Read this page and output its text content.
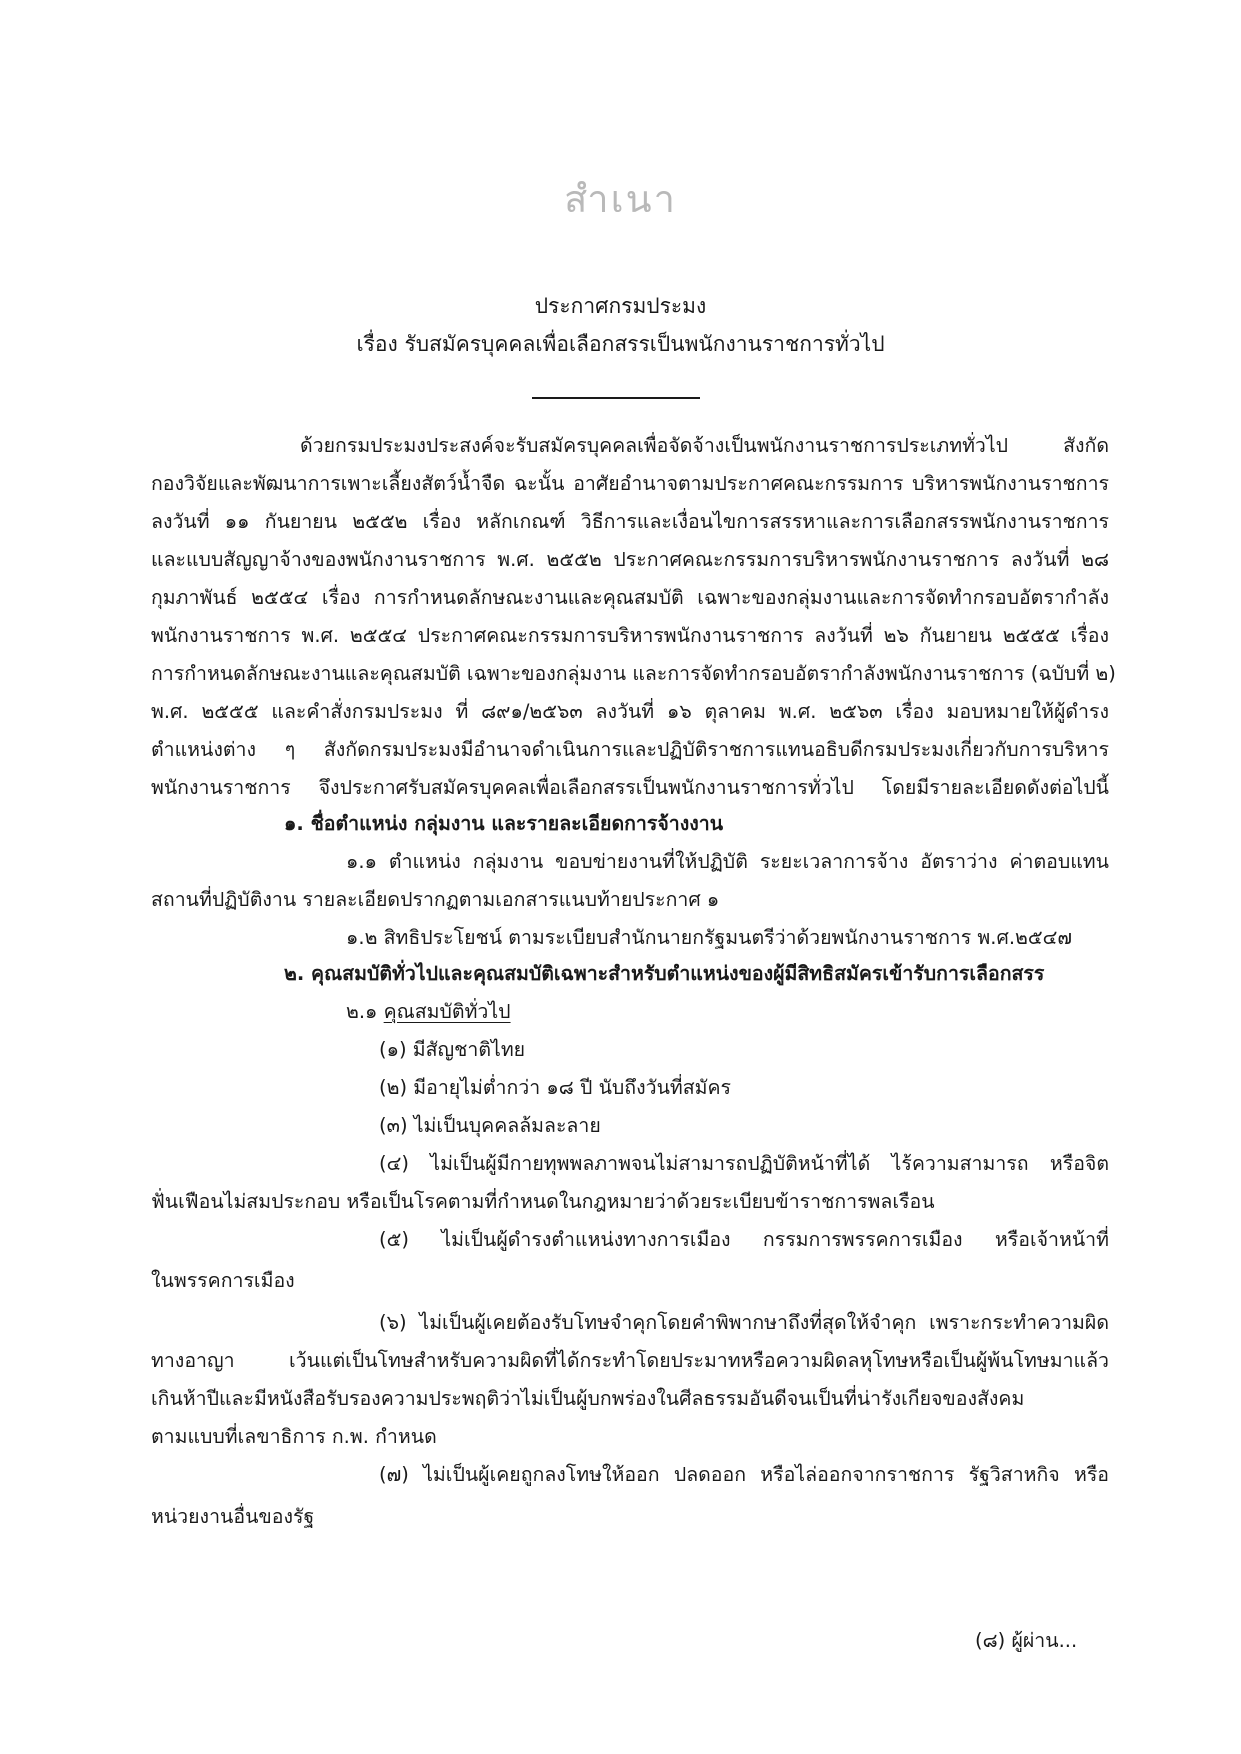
สำเนา
ประกาศกรมประมง
เรื่อง รับสมัครบุคคลเพื่อเลือกสรรเป็นพนักงานราชการทั่วไป
ด้วยกรมประมงประสงค์จะรับสมัครบุคคลเพื่อจัดจ้างเป็นพนักงานราชการประเภททั่วไป สังกัด
กองวิจัยและพัฒนาการเพาะเลี้ยงสัตว์น้ำจืด ฉะนั้น อาศัยอำนาจตามประกาศคณะกรรมการ บริหารพนักงานราชการ
ลงวันที่ ๑๑ กันยายน ๒๕๕๒ เรื่อง หลักเกณฑ์ วิธีการและเงื่อนไขการสรรหาและการเลือกสรรพนักงานราชการ
และแบบสัญญาจ้างของพนักงานราชการ พ.ศ. ๒๕๕๒ ประกาศคณะกรรมการบริหารพนักงานราชการ ลงวันที่ ๒๘
กุมภาพันธ์ ๒๕๕๔ เรื่อง การกำหนดลักษณะงานและคุณสมบัติ เฉพาะของกลุ่มงานและการจัดทำกรอบอัตรากำลัง
พนักงานราชการ พ.ศ. ๒๕๕๔ ประกาศคณะกรรมการบริหารพนักงานราชการ ลงวันที่ ๒๖ กันยายน ๒๕๕๕ เรื่อง
การกำหนดลักษณะงานและคุณสมบัติ เฉพาะของกลุ่มงาน และการจัดทำกรอบอัตรากำลังพนักงานราชการ (ฉบับที่ ๒)
พ.ศ. ๒๕๕๕ และคำสั่งกรมประมง ที่ ๘๙๑/๒๕๖๓ ลงวันที่ ๑๖ ตุลาคม พ.ศ. ๒๕๖๓ เรื่อง มอบหมายให้ผู้ดำรง
ตำแหน่งต่าง ๆ สังกัดกรมประมงมีอำนาจดำเนินการและปฏิบัติราชการแทนอธิบดีกรมประมงเกี่ยวกับการบริหาร
พนักงานราชการ จึงประกาศรับสมัครบุคคลเพื่อเลือกสรรเป็นพนักงานราชการทั่วไป โดยมีรายละเอียดดังต่อไปนี้
๑. ชื่อตำแหน่ง กลุ่มงาน และรายละเอียดการจ้างงาน
๑.๑ ตำแหน่ง กลุ่มงาน ขอบข่ายงานที่ให้ปฏิบัติ ระยะเวลาการจ้าง อัตราว่าง ค่าตอบแทน
สถานที่ปฏิบัติงาน รายละเอียดปรากฏตามเอกสารแนบท้ายประกาศ ๑
๑.๒ สิทธิประโยชน์ ตามระเบียบสำนักนายกรัฐมนตรีว่าด้วยพนักงานราชการ พ.ศ.๒๕๔๗
๒. คุณสมบัติทั่วไปและคุณสมบัติเฉพาะสำหรับตำแหน่งของผู้มีสิทธิสมัครเข้ารับการเลือกสรร
๒.๑ คุณสมบัติทั่วไป
(๑) มีสัญชาติไทย
(๒) มีอายุไม่ต่ำกว่า ๑๘ ปี นับถึงวันที่สมัคร
(๓) ไม่เป็นบุคคลล้มละลาย
(๔) ไม่เป็นผู้มีกายทุพพลภาพจนไม่สามารถปฏิบัติหน้าที่ได้ ไร้ความสามารถ หรือจิต
ฟั่นเฟือนไม่สมประกอบ หรือเป็นโรคตามที่กำหนดในกฎหมายว่าด้วยระเบียบข้าราชการพลเรือน
(๕) ไม่เป็นผู้ดำรงตำแหน่งทางการเมือง กรรมการพรรคการเมือง หรือเจ้าหน้าที่
ในพรรคการเมือง
(๖) ไม่เป็นผู้เคยต้องรับโทษจำคุกโดยคำพิพากษาถึงที่สุดให้จำคุก เพราะกระทำความผิด
ทางอาญา เว้นแต่เป็นโทษสำหรับความผิดที่ได้กระทำโดยประมาทหรือความผิดลหุโทษหรือเป็นผู้พ้นโทษมาแล้ว
เกินห้าปีและมีหนังสือรับรองความประพฤติว่าไม่เป็นผู้บกพร่องในศีลธรรมอันดีจนเป็นที่น่ารังเกียจของสังคม
ตามแบบที่เลขาธิการ ก.พ. กำหนด
(๗) ไม่เป็นผู้เคยถูกลงโทษให้ออก ปลดออก หรือไล่ออกจากราชการ รัฐวิสาหกิจ หรือ
หน่วยงานอื่นของรัฐ
(๘) ผู้ผ่าน...
